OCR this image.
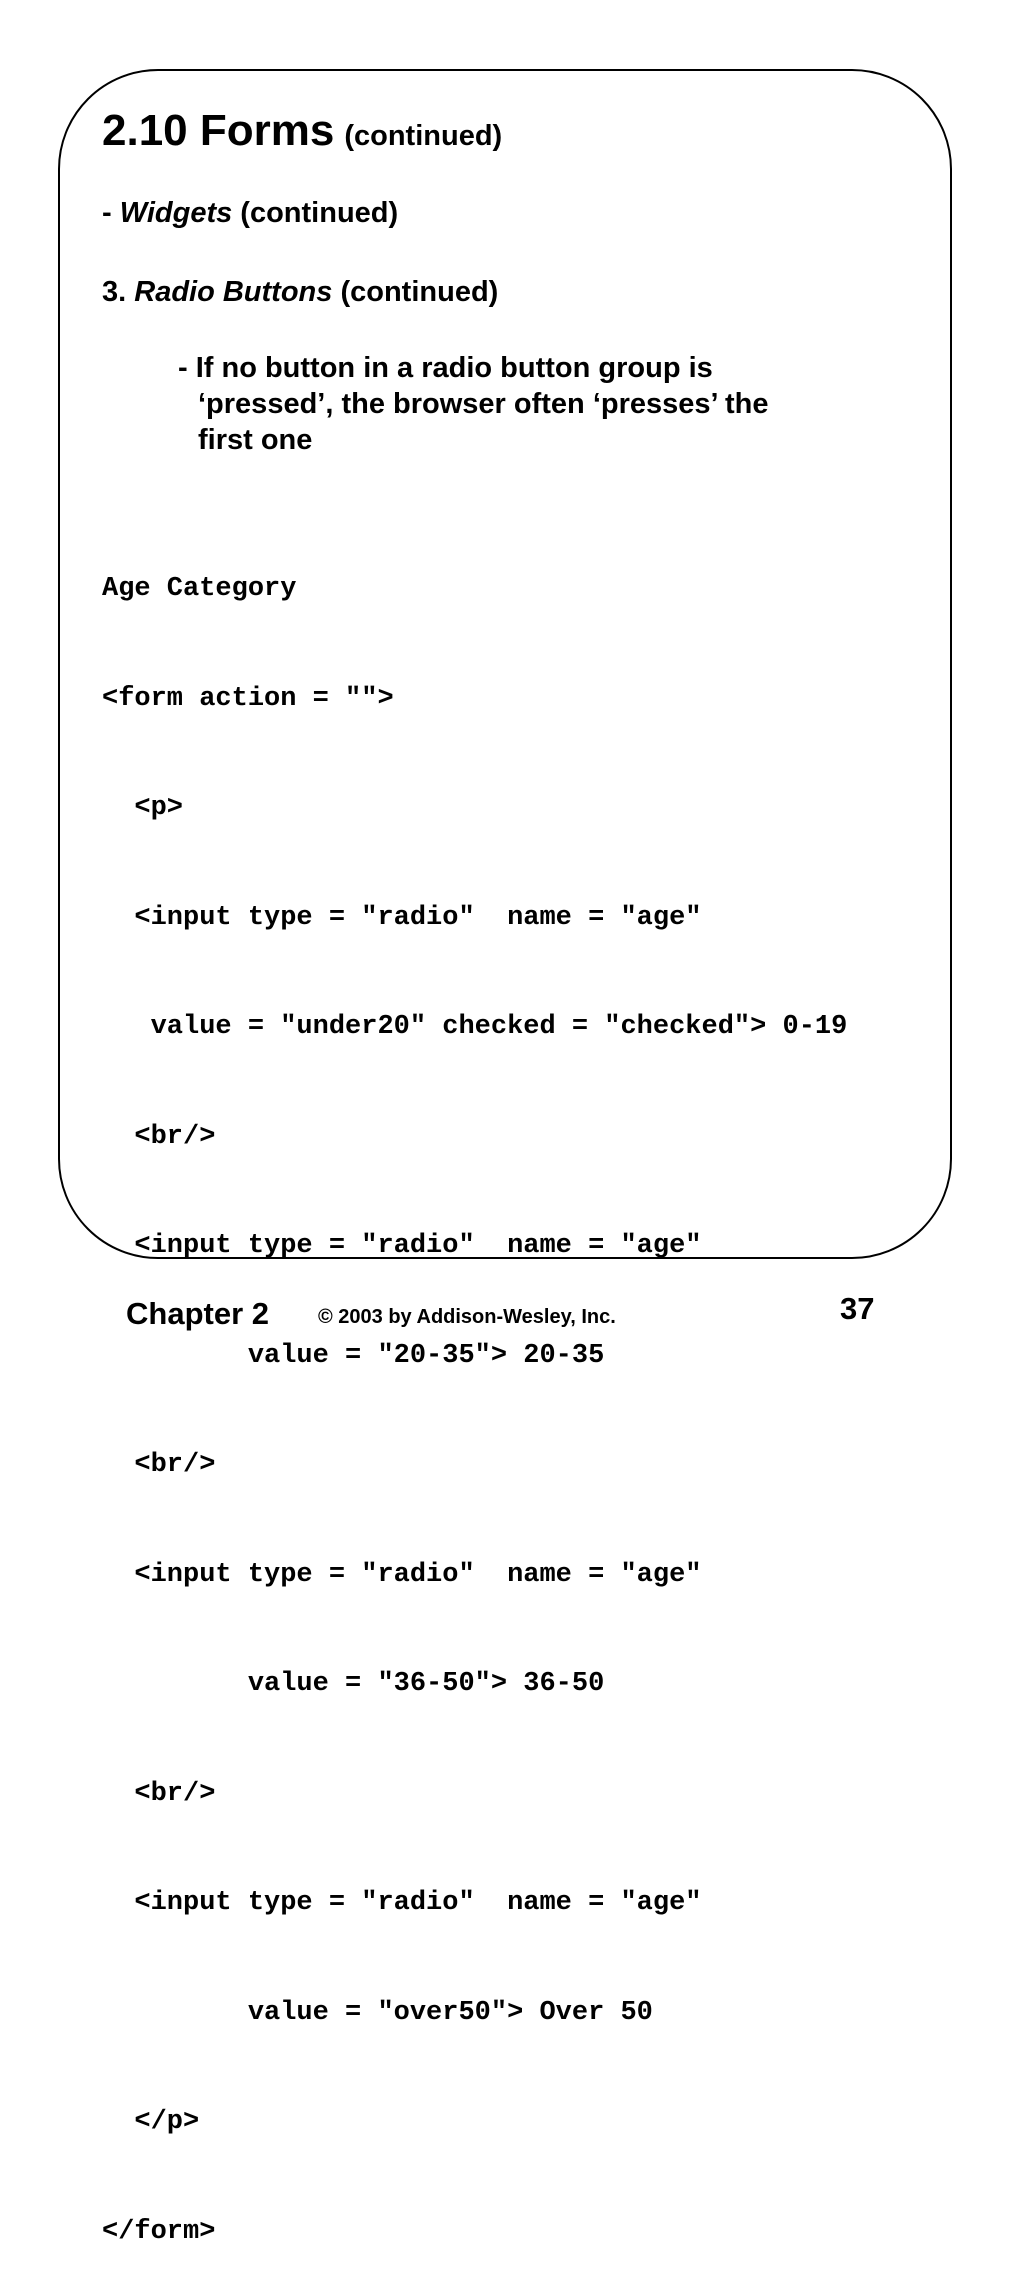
2.10 Forms (continued)
- Widgets (continued)
3. Radio Buttons (continued)
- If no button in a radio button group is
‘pressed’, the browser often ‘presses’ the
first one

Age Category

<form action = "">

<p>

<input type = "radio"  name = "age"

value = "under20" checked = "checked"> 0-19

<br/>

<input type = "radio"  name = "age"

value = "20-35"> 20-35

<br/>

<input type = "radio"  name = "age"

value = "36-50"> 36-50

<br/>

<input type = "radio"  name = "age"

value = "over50"> Over 50

</p>

</form>

Chapter 2 © 2003 by Addison-Wesley, Inc.	37
